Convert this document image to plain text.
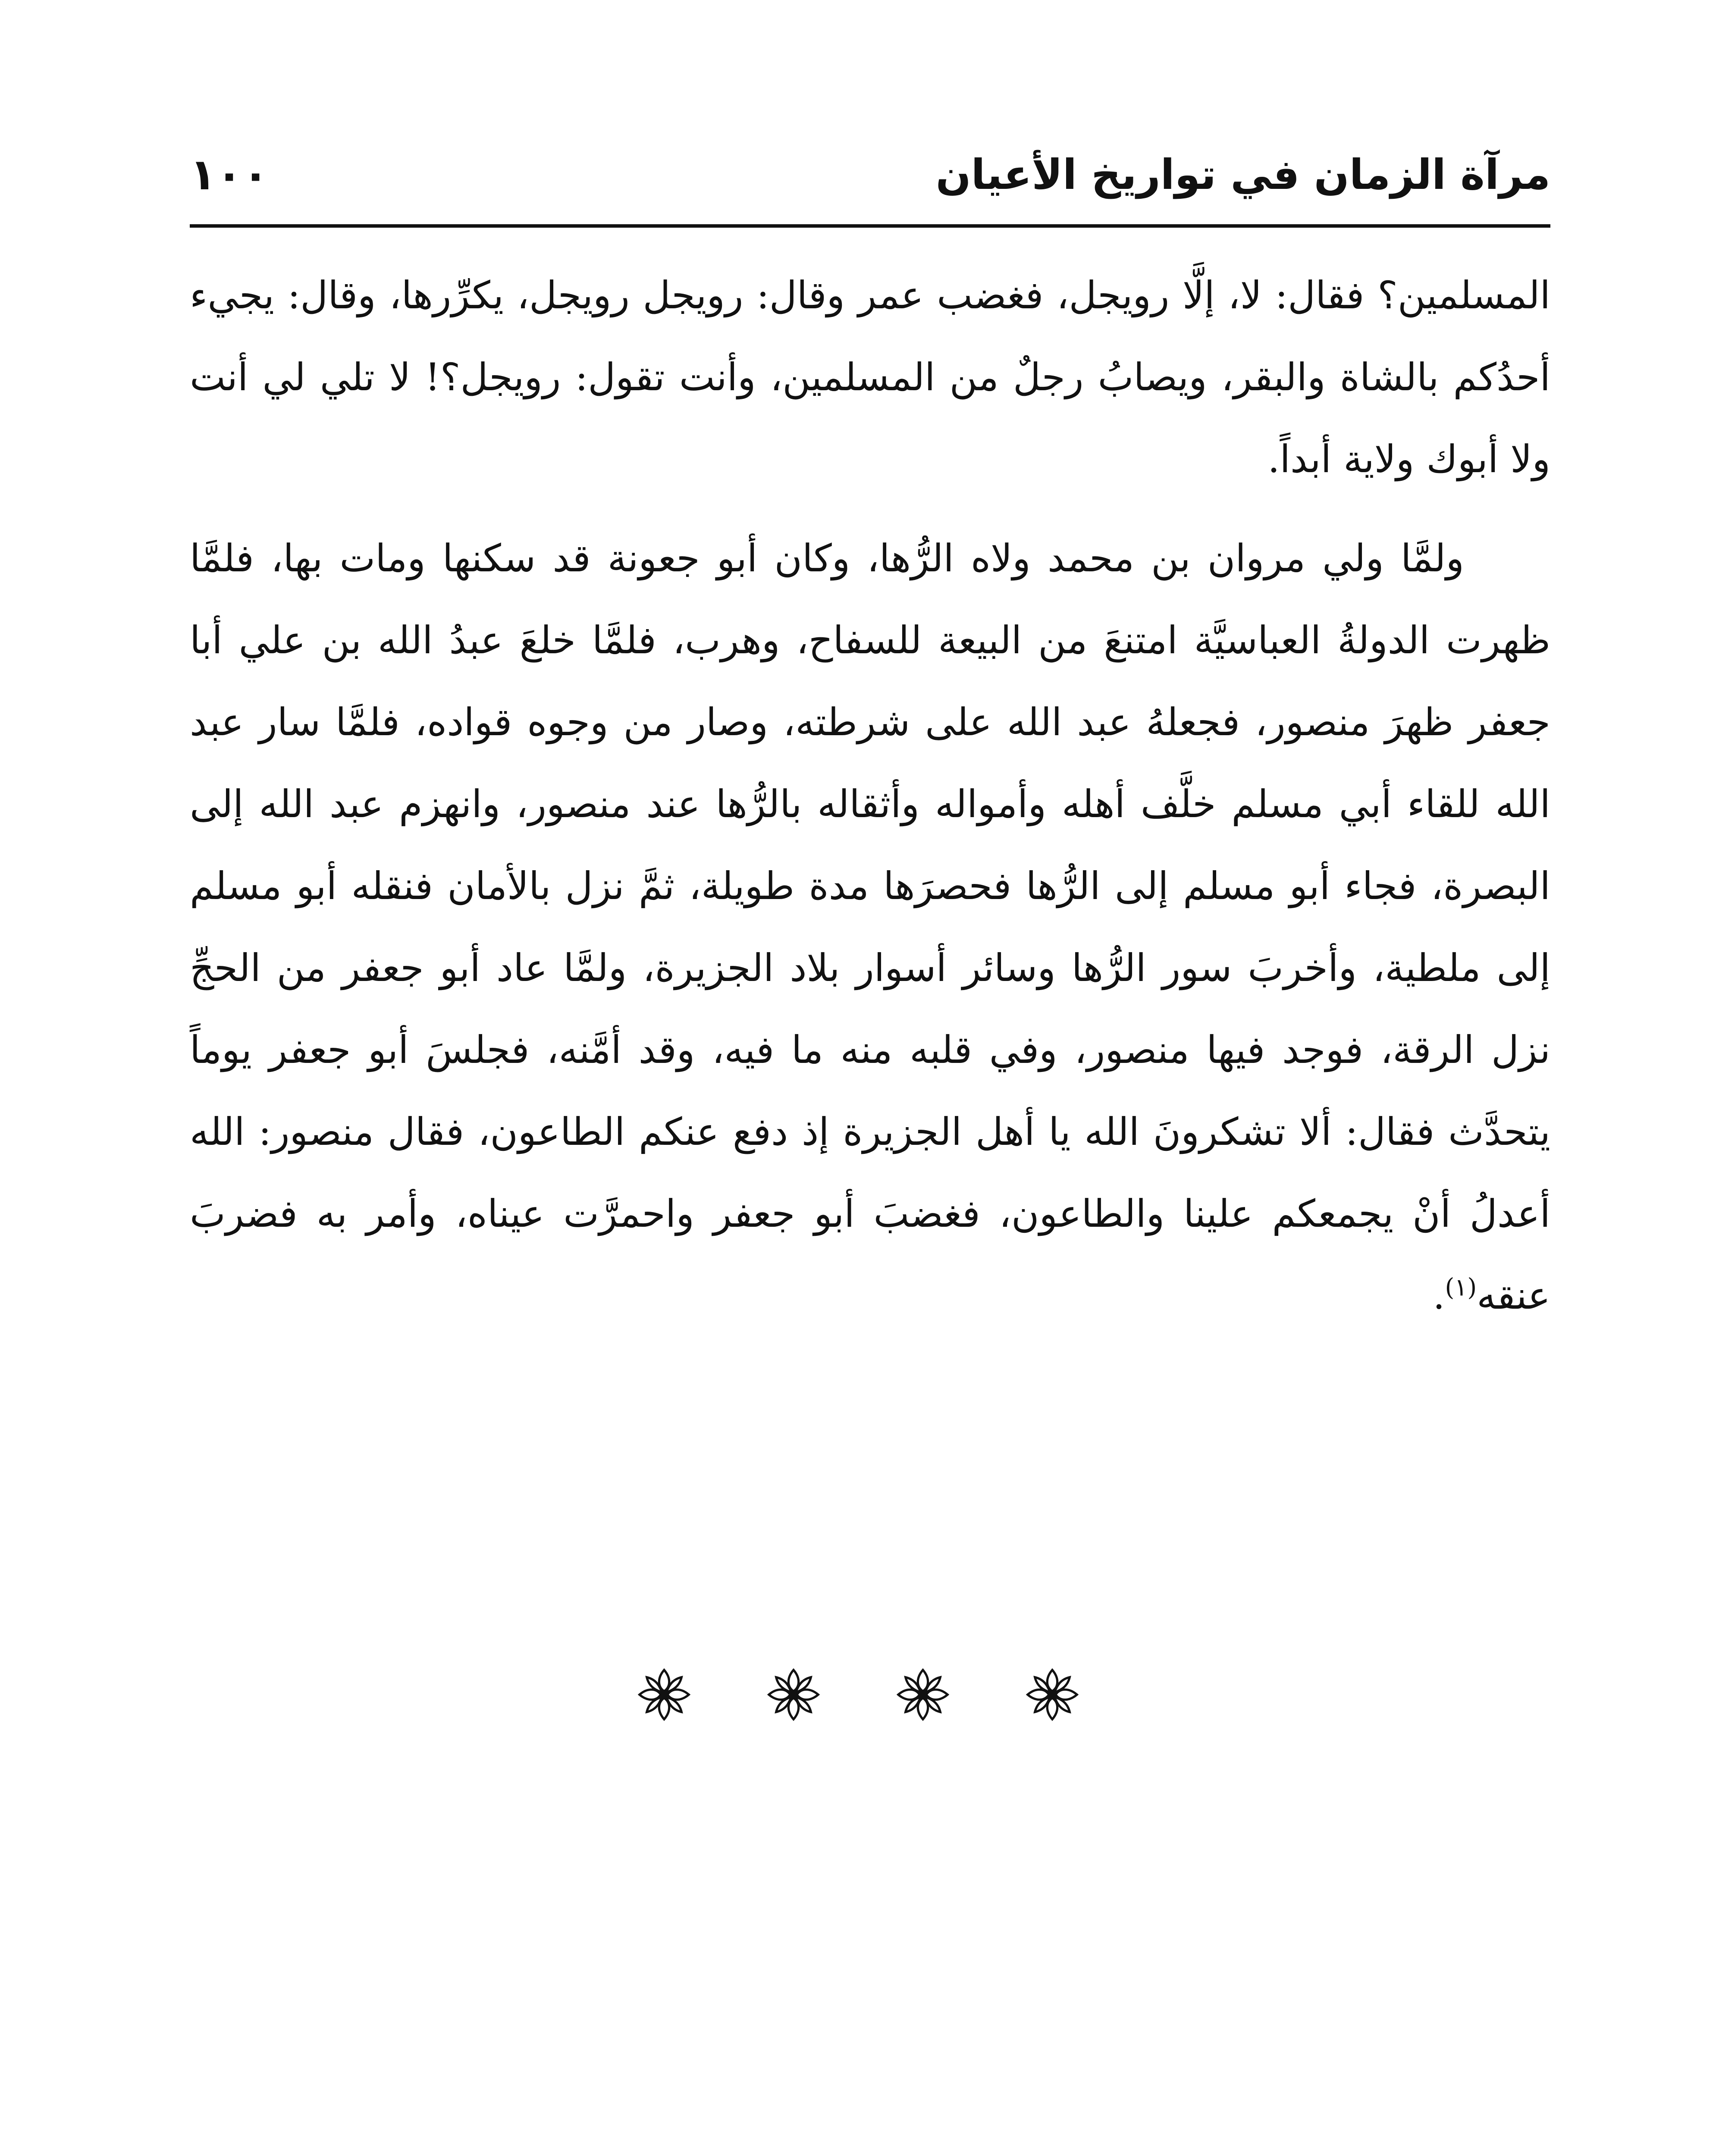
مرآة الزمان في تواريخ الأعيان
١٠٠

المسلمين؟ فقال: لا، إلَّا رويجل، فغضب عمر وقال: رويجل رويجل، يكرِّرها، وقال: يجيء أحدُكم بالشاة والبقر، ويصابُ رجلٌ من المسلمين، وأنت تقول: رويجل؟! لا تلي لي أنت ولا أبوك ولاية أبداً.

ولمَّا ولي مروان بن محمد ولاه الرُّها، وكان أبو جعونة قد سكنها ومات بها، فلمَّا ظهرت الدولةُ العباسيَّة امتنعَ من البيعة للسفاح، وهرب، فلمَّا خلعَ عبدُ الله بن علي أبا جعفر ظهرَ منصور، فجعلهُ عبد الله على شرطته، وصار من وجوه قواده، فلمَّا سار عبد الله للقاء أبي مسلم خلَّف أهله وأمواله وأثقاله بالرُّها عند منصور، وانهزم عبد الله إلى البصرة، فجاء أبو مسلم إلى الرُّها فحصرَها مدة طويلة، ثمَّ نزل بالأمان فنقله أبو مسلم إلى ملطية، وأخربَ سور الرُّها وسائر أسوار بلاد الجزيرة، ولمَّا عاد أبو جعفر من الحجِّ نزل الرقة، فوجد فيها منصور، وفي قلبه منه ما فيه، وقد أمَّنه، فجلسَ أبو جعفر يوماً يتحدَّث فقال: ألا تشكرونَ الله يا أهل الجزيرة إذ دفع عنكم الطاعون، فقال منصور: الله أعدلُ أنْ يجمعكم علينا والطاعون، فغضبَ أبو جعفر واحمرَّت عيناه، وأمر به فضربَ عنقه$^{(١)}$.
